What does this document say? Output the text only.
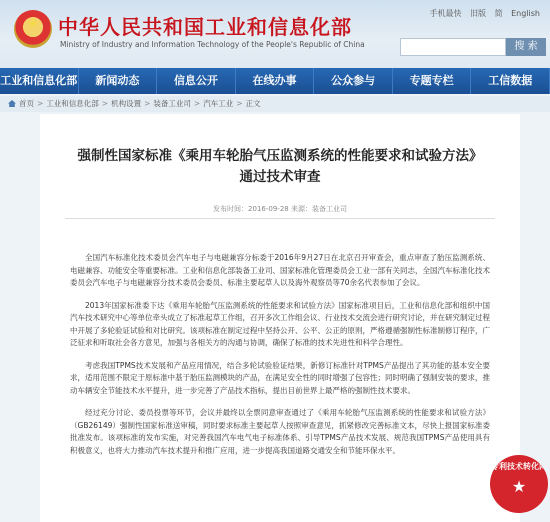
★
中华人民共和国工业和信息化部
Ministry of Industry and Information Technology of the People's Republic of China
手机最快 旧版 简 English
搜 索
工业和信息化部	新闻动态	信息公开	在线办事	公众参与	专题专栏	工信数据
首页 > 工业和信息化部 > 机构设置 > 装备工业司 > 汽车工业 > 正文
强制性国家标准《乘用车轮胎气压监测系统的性能要求和试验方法》
通过技术审查
发布时间：2016-09-28 来源：装备工业司

全国汽车标准化技术委员会汽车电子与电磁兼容分标委于2016年9月27日在北京召开审查会，重点审查了胎压监测系统、电磁兼容、功能安全等重要标准。工业和信息化部装备工业司、国家标准化管理委员会工业一部有关同志，全国汽车标准化技术委员会汽车电子与电磁兼容分技术委员会委员、标准主要起草人以及海外观察员等70余名代表参加了会议。

2013年国家标准委下达《乘用车轮胎气压监测系统的性能要求和试验方法》国家标准项目后，工业和信息化部和组织中国汽车技术研究中心等单位牵头成立了标准起草工作组，召开多次工作组会议、行业技术交流会进行研究讨论，并在研究制定过程中开展了多轮验证试验和对比研究。该项标准在制定过程中坚持公开、公平、公正的原则，严格遵循强制性标准制修订程序，广泛征求和听取社会各方意见，加强与各相关方的沟通与协调，确保了标准的技术先进性和科学合理性。

考虑我国TPMS技术发展和产品应用情况，结合多轮试验验证结果，新修订标准针对TPMS产品提出了其功能的基本安全要求，适用范围不限定于原标准中基于胎压监测模块的产品，在满足安全性的同时增强了包容性；同时明确了强制安装的要求，推动车辆安全节能技术水平提升，进一步完善了产品技术指标，提出目前世界上最严格的强制性技术要求。

经过充分讨论、委员投票等环节，会议并最终以全票同意审查通过了《乘用车轮胎气压监测系统的性能要求和试验方法》（GB26149）强制性国家标准送审稿，同时要求标准主要起草人按照审查意见，抓紧修改完善标准文本，尽快上报国家标准委批准发布。该项标准的发布实施，对完善我国汽车电气电子标准体系、引导TPMS产品技术发展、规范我国TPMS产品使用具有积极意义，也将大力推动汽车技术提升和推广应用，进一步提高我国道路交通安全和节能环保水平。

专利技术转化网
★
